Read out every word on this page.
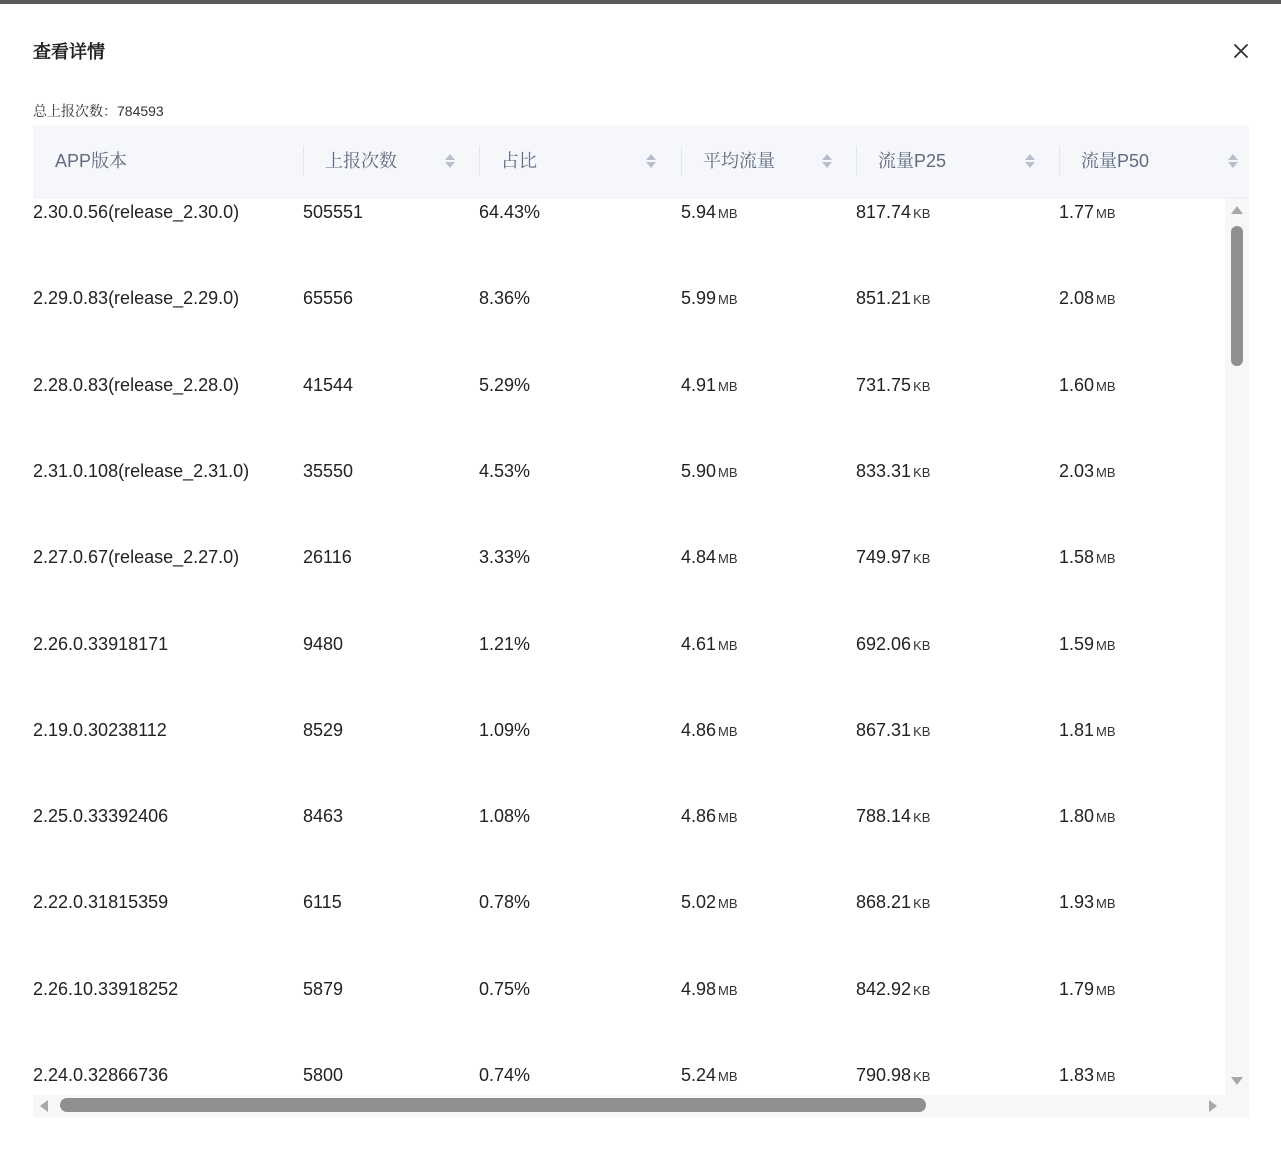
查看详情
总上报次数：784593
APP版本	上报次数	占比	平均流量	流量P25	流量P50
2.30.0.56(release_2.30.0)	505551	64.43%	5.94 MB	817.74 KB	1.77 MB
2.29.0.83(release_2.29.0)	65556	8.36%	5.99 MB	851.21 KB	2.08 MB
2.28.0.83(release_2.28.0)	41544	5.29%	4.91 MB	731.75 KB	1.60 MB
2.31.0.108(release_2.31.0)	35550	4.53%	5.90 MB	833.31 KB	2.03 MB
2.27.0.67(release_2.27.0)	26116	3.33%	4.84 MB	749.97 KB	1.58 MB
2.26.0.33918171	9480	1.21%	4.61 MB	692.06 KB	1.59 MB
2.19.0.30238112	8529	1.09%	4.86 MB	867.31 KB	1.81 MB
2.25.0.33392406	8463	1.08%	4.86 MB	788.14 KB	1.80 MB
2.22.0.31815359	6115	0.78%	5.02 MB	868.21 KB	1.93 MB
2.26.10.33918252	5879	0.75%	4.98 MB	842.92 KB	1.79 MB
2.24.0.32866736	5800	0.74%	5.24 MB	790.98 KB	1.83 MB
